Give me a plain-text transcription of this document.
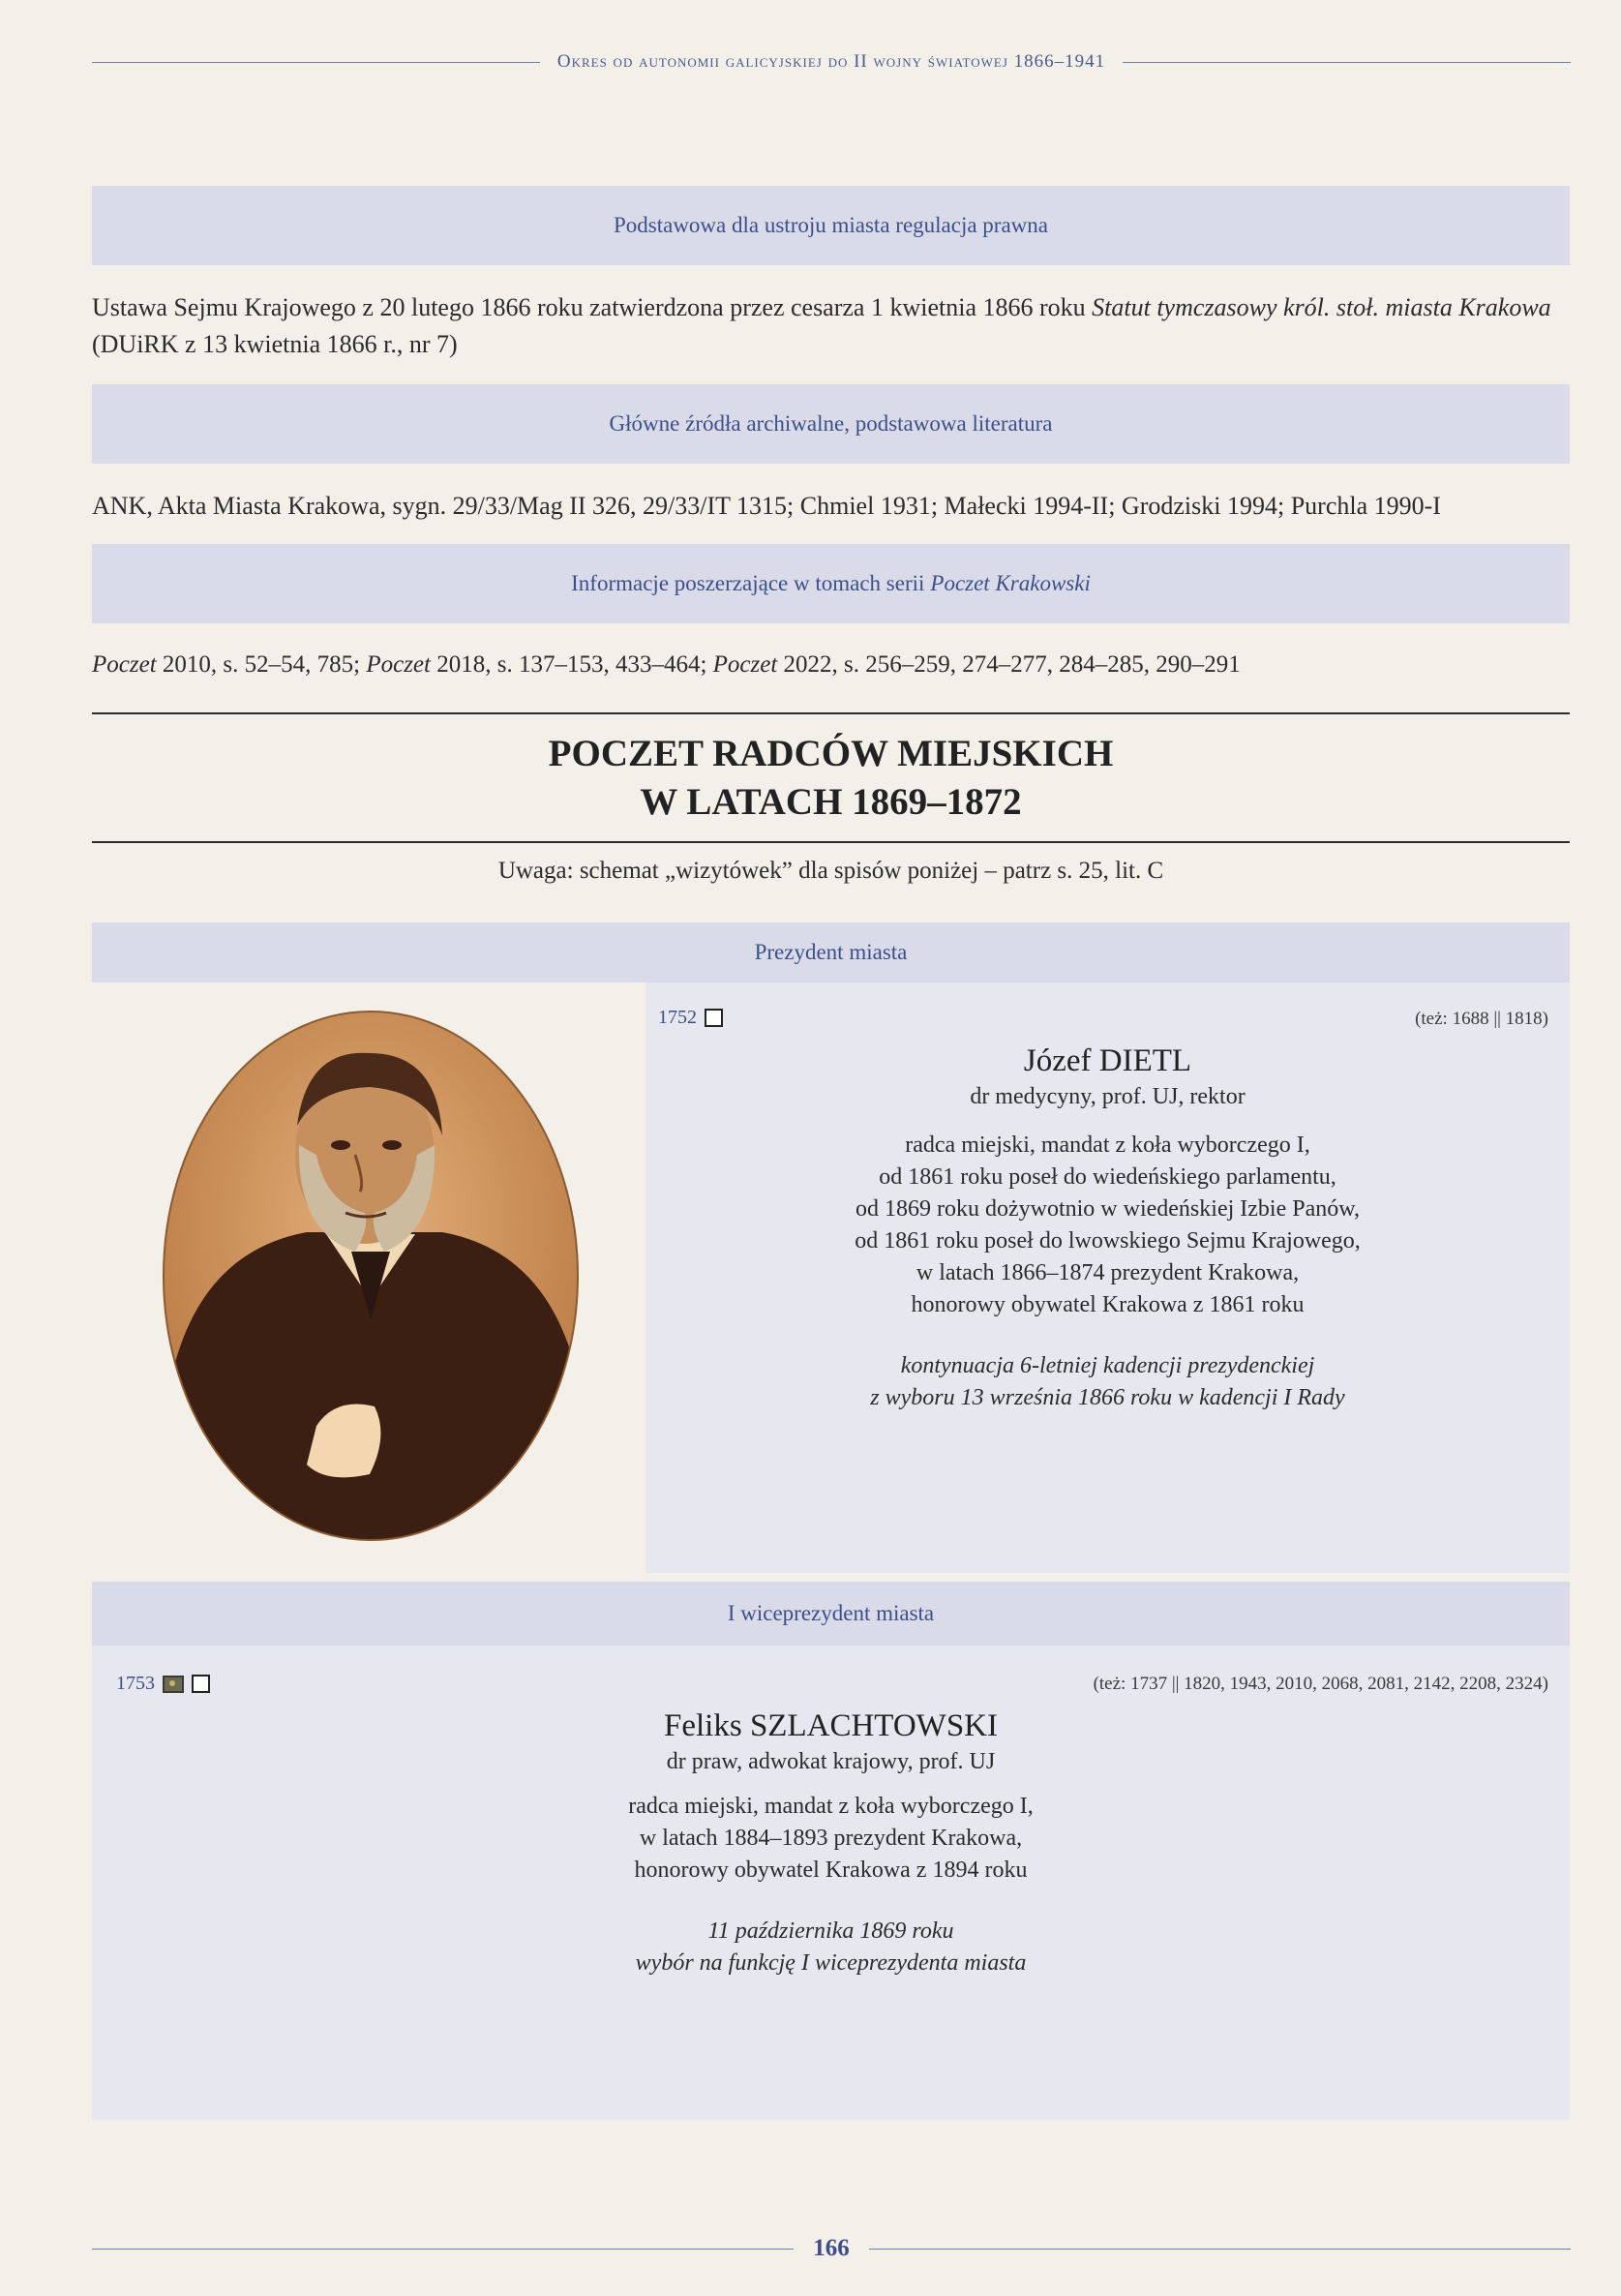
Okres od autonomii galicyjskiej do II wojny światowej 1866–1941
Podstawowa dla ustroju miasta regulacja prawna
Ustawa Sejmu Krajowego z 20 lutego 1866 roku zatwierdzona przez cesarza 1 kwietnia 1866 roku Statut tymczasowy król. stoł. miasta Krakowa (DUiRK z 13 kwietnia 1866 r., nr 7)
Główne źródła archiwalne, podstawowa literatura
ANK, Akta Miasta Krakowa, sygn. 29/33/Mag II 326, 29/33/IT 1315; Chmiel 1931; Małecki 1994-II; Grodziski 1994; Purchla 1990-I
Informacje poszerzające w tomach serii Poczet Krakowski
Poczet 2010, s. 52–54, 785; Poczet 2018, s. 137–153, 433–464; Poczet 2022, s. 256–259, 274–277, 284–285, 290–291
POCZET RADCÓW MIEJSKICH
W LATACH 1869–1872
Uwaga: schemat „wizytówek” dla spisów poniżej – patrz s. 25, lit. C
Prezydent miasta
1752	(też: 1688 || 1818)
Józef DIETL
dr medycyny, prof. UJ, rektor
radca miejski, mandat z koła wyborczego I,
od 1861 roku poseł do wiedeńskiego parlamentu,
od 1869 roku dożywotnio w wiedeńskiej Izbie Panów,
od 1861 roku poseł do lwowskiego Sejmu Krajowego,
w latach 1866–1874 prezydent Krakowa,
honorowy obywatel Krakowa z 1861 roku
kontynuacja 6-letniej kadencji prezydenckiej
z wyboru 13 września 1866 roku w kadencji I Rady
I wiceprezydent miasta
1753	(też: 1737 || 1820, 1943, 2010, 2068, 2081, 2142, 2208, 2324)
Feliks SZLACHTOWSKI
dr praw, adwokat krajowy, prof. UJ
radca miejski, mandat z koła wyborczego I,
w latach 1884–1893 prezydent Krakowa,
honorowy obywatel Krakowa z 1894 roku
11 października 1869 roku
wybór na funkcję I wiceprezydenta miasta
166
